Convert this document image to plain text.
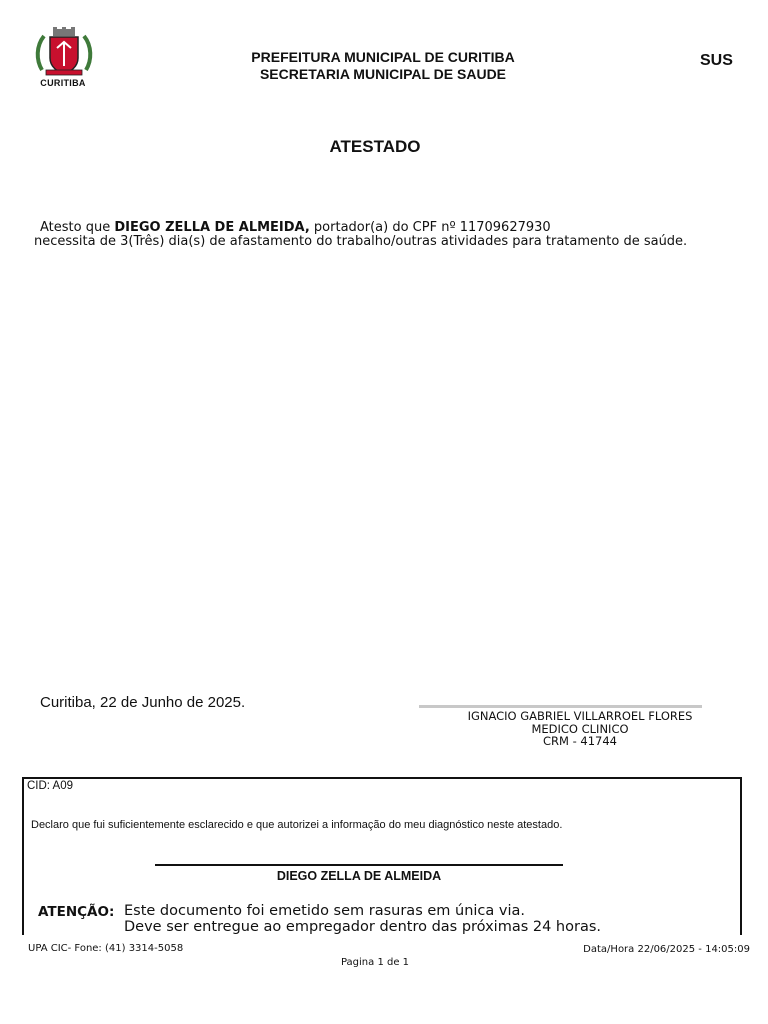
CURITIBA
PREFEITURA MUNICIPAL DE CURITIBA
SECRETARIA MUNICIPAL DE SAUDE
SUS
ATESTADO
Atesto que DIEGO ZELLA DE ALMEIDA, portador(a) do CPF nº 11709627930
necessita de 3(Três) dia(s) de afastamento do trabalho/outras atividades para tratamento de saúde.
Curitiba, 22 de Junho de 2025.
IGNACIO GABRIEL VILLARROEL FLORES
MEDICO CLINICO
CRM - 41744
CID: A09
Declaro que fui suficientemente esclarecido e que autorizei a informação do meu diagnóstico neste atestado.
DIEGO ZELLA DE ALMEIDA
ATENÇÃO: Este documento foi emetido sem rasuras em única via.
Deve ser entregue ao empregador dentro das próximas 24 horas.
UPA CIC- Fone: (41) 3314-5058	Data/Hora 22/06/2025 - 14:05:09
Pagina 1 de 1
